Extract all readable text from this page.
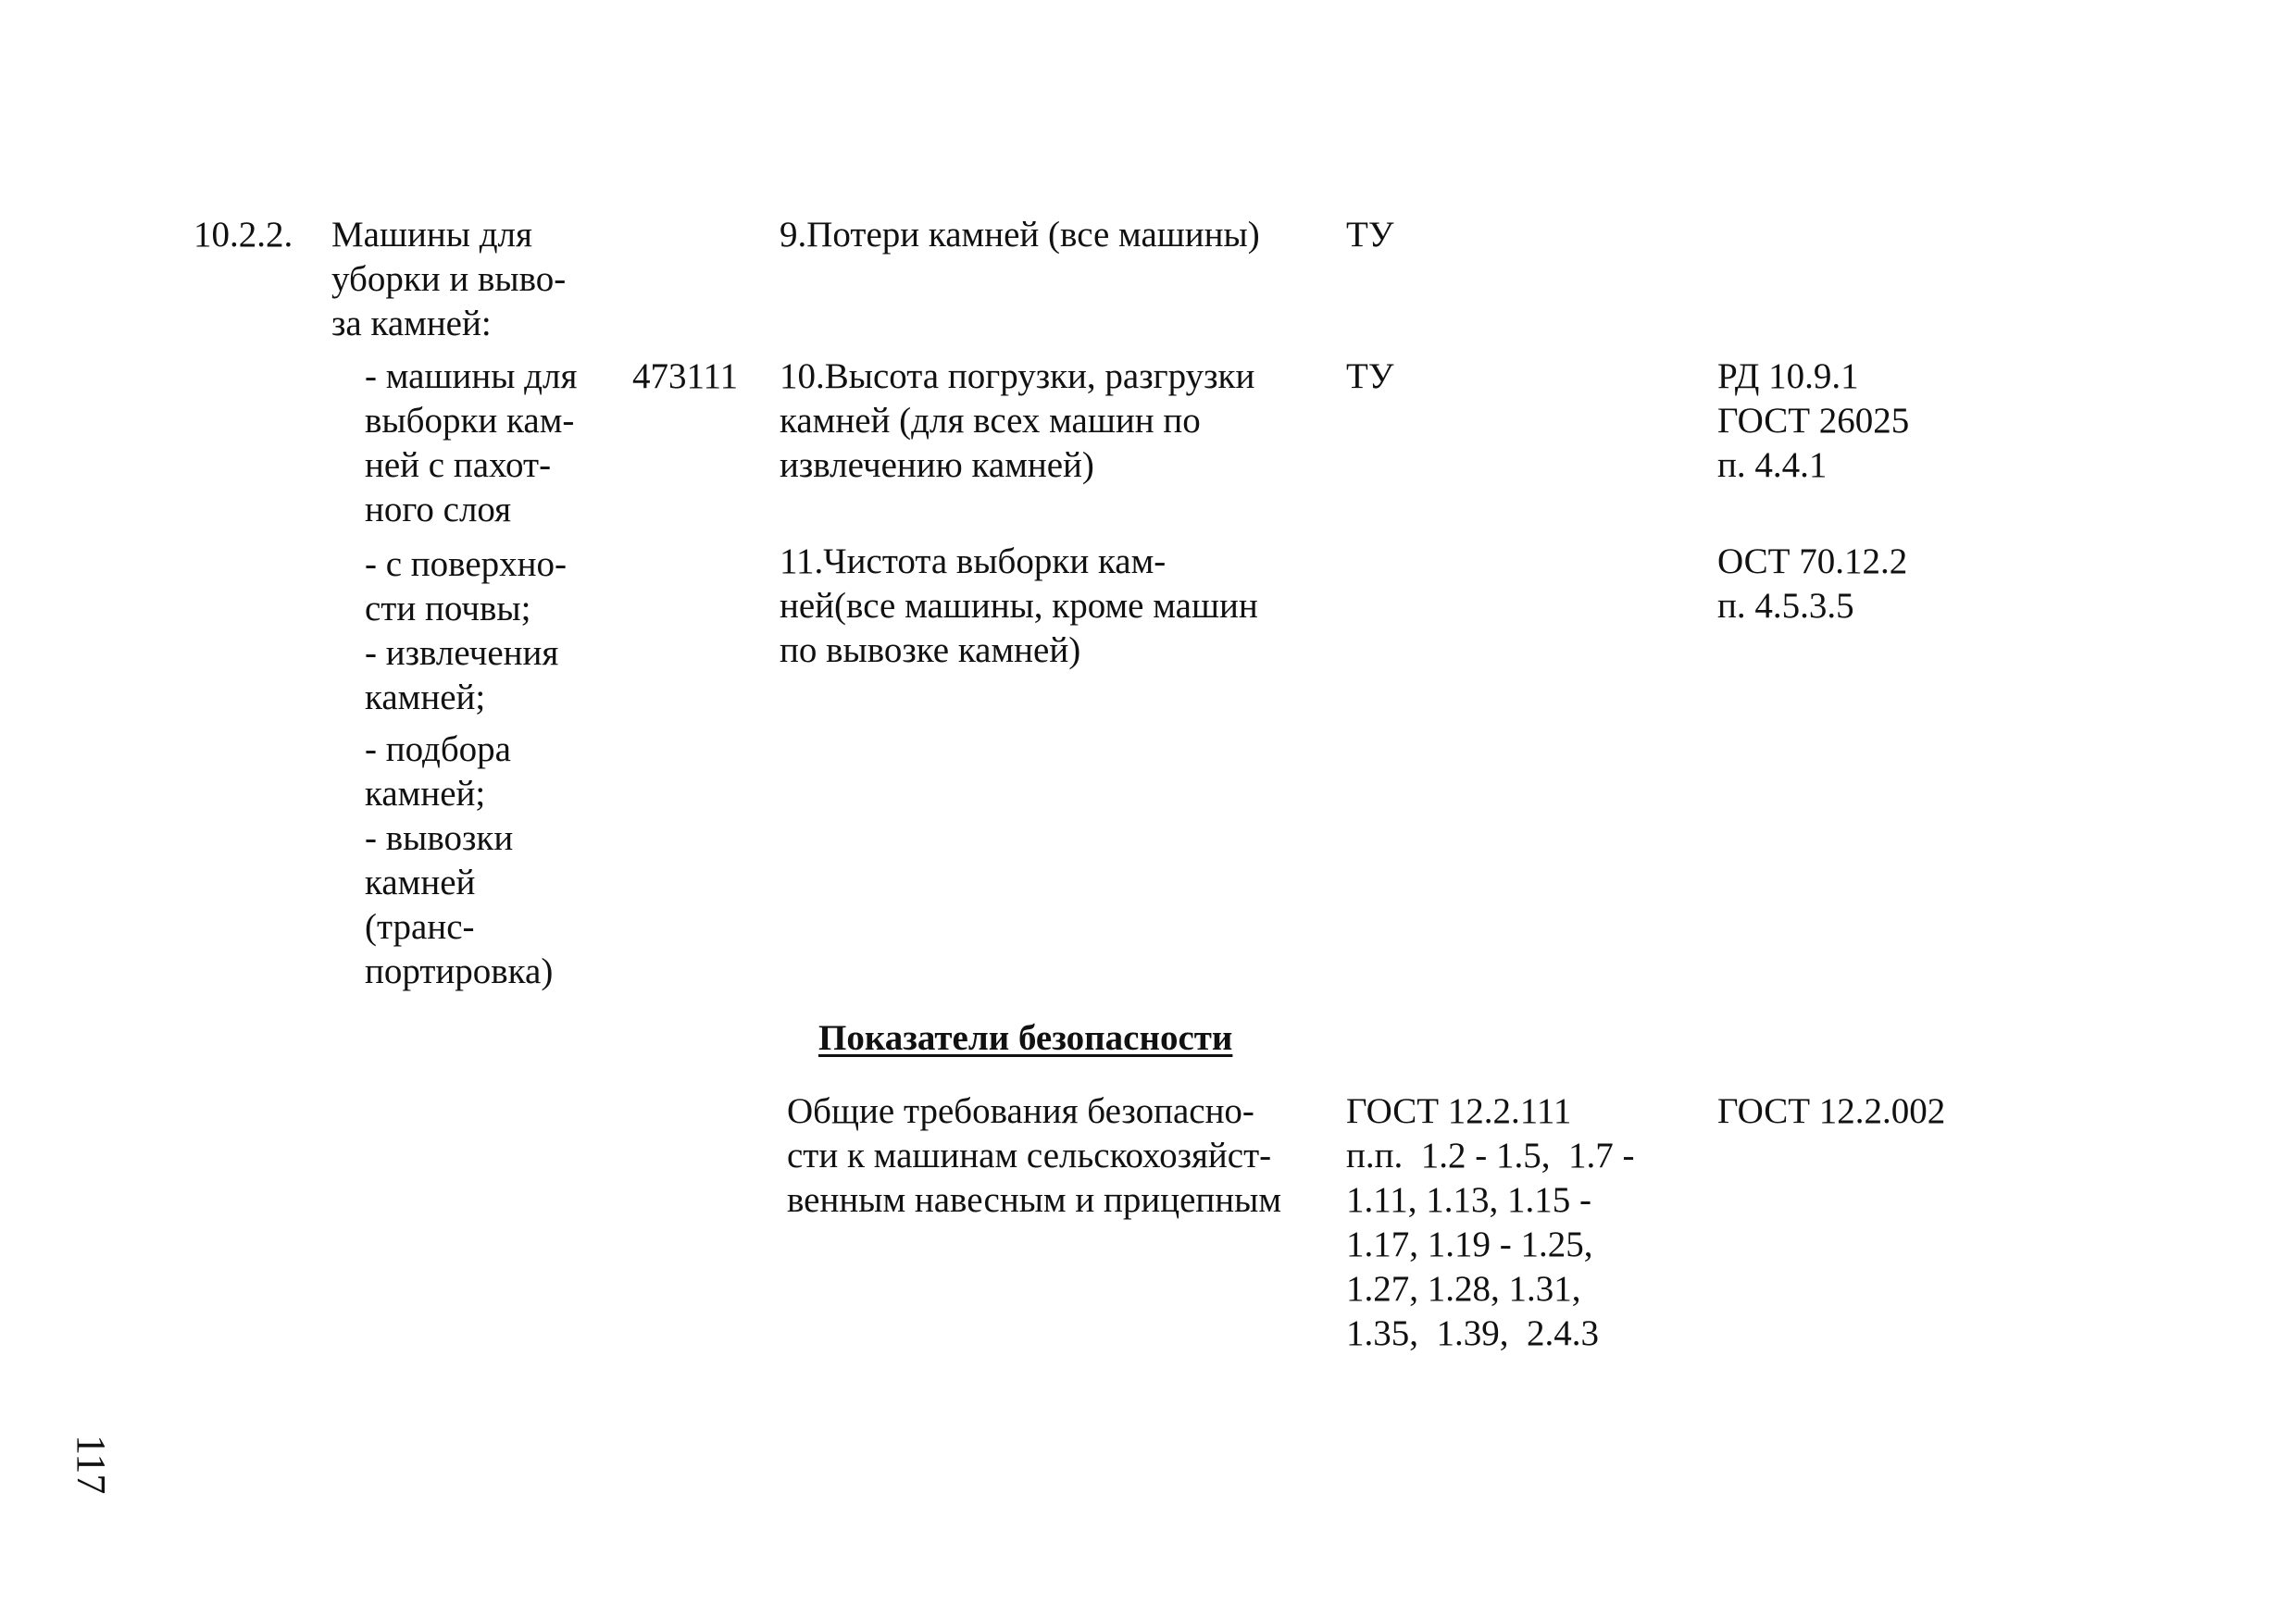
10.2.2. Машины для
уборки и выво-
за камней:

- машины для
выборки кам-
ней с пахот-
ного слоя

- с поверхно-
сти почвы;
- извлечения
камней;

- подбора
камней;
- вывозки
камней
(транс-
портировка)

473111

9.Потери камней (все машины) ТУ

10.Высота погрузки, разгрузки
камней (для всех машин по
извлечению камней)

ТУ	РД 10.9.1
ГОСТ 26025
п. 4.4.1

11.Чистота выборки кам-
ней(все машины, кроме машин
по вывозке камней)

ОСТ 70.12.2
п. 4.5.3.5

Показатели безопасности

Общие требования безопасно-
сти к машинам сельскохозяйст-
венным навесным и прицепным

ГОСТ 12.2.111
п.п.  1.2 - 1.5,  1.7 -
1.11, 1.13, 1.15 -
1.17, 1.19 - 1.25,
1.27, 1.28, 1.31,
1.35,  1.39,  2.4.3

ГОСТ 12.2.002

117
